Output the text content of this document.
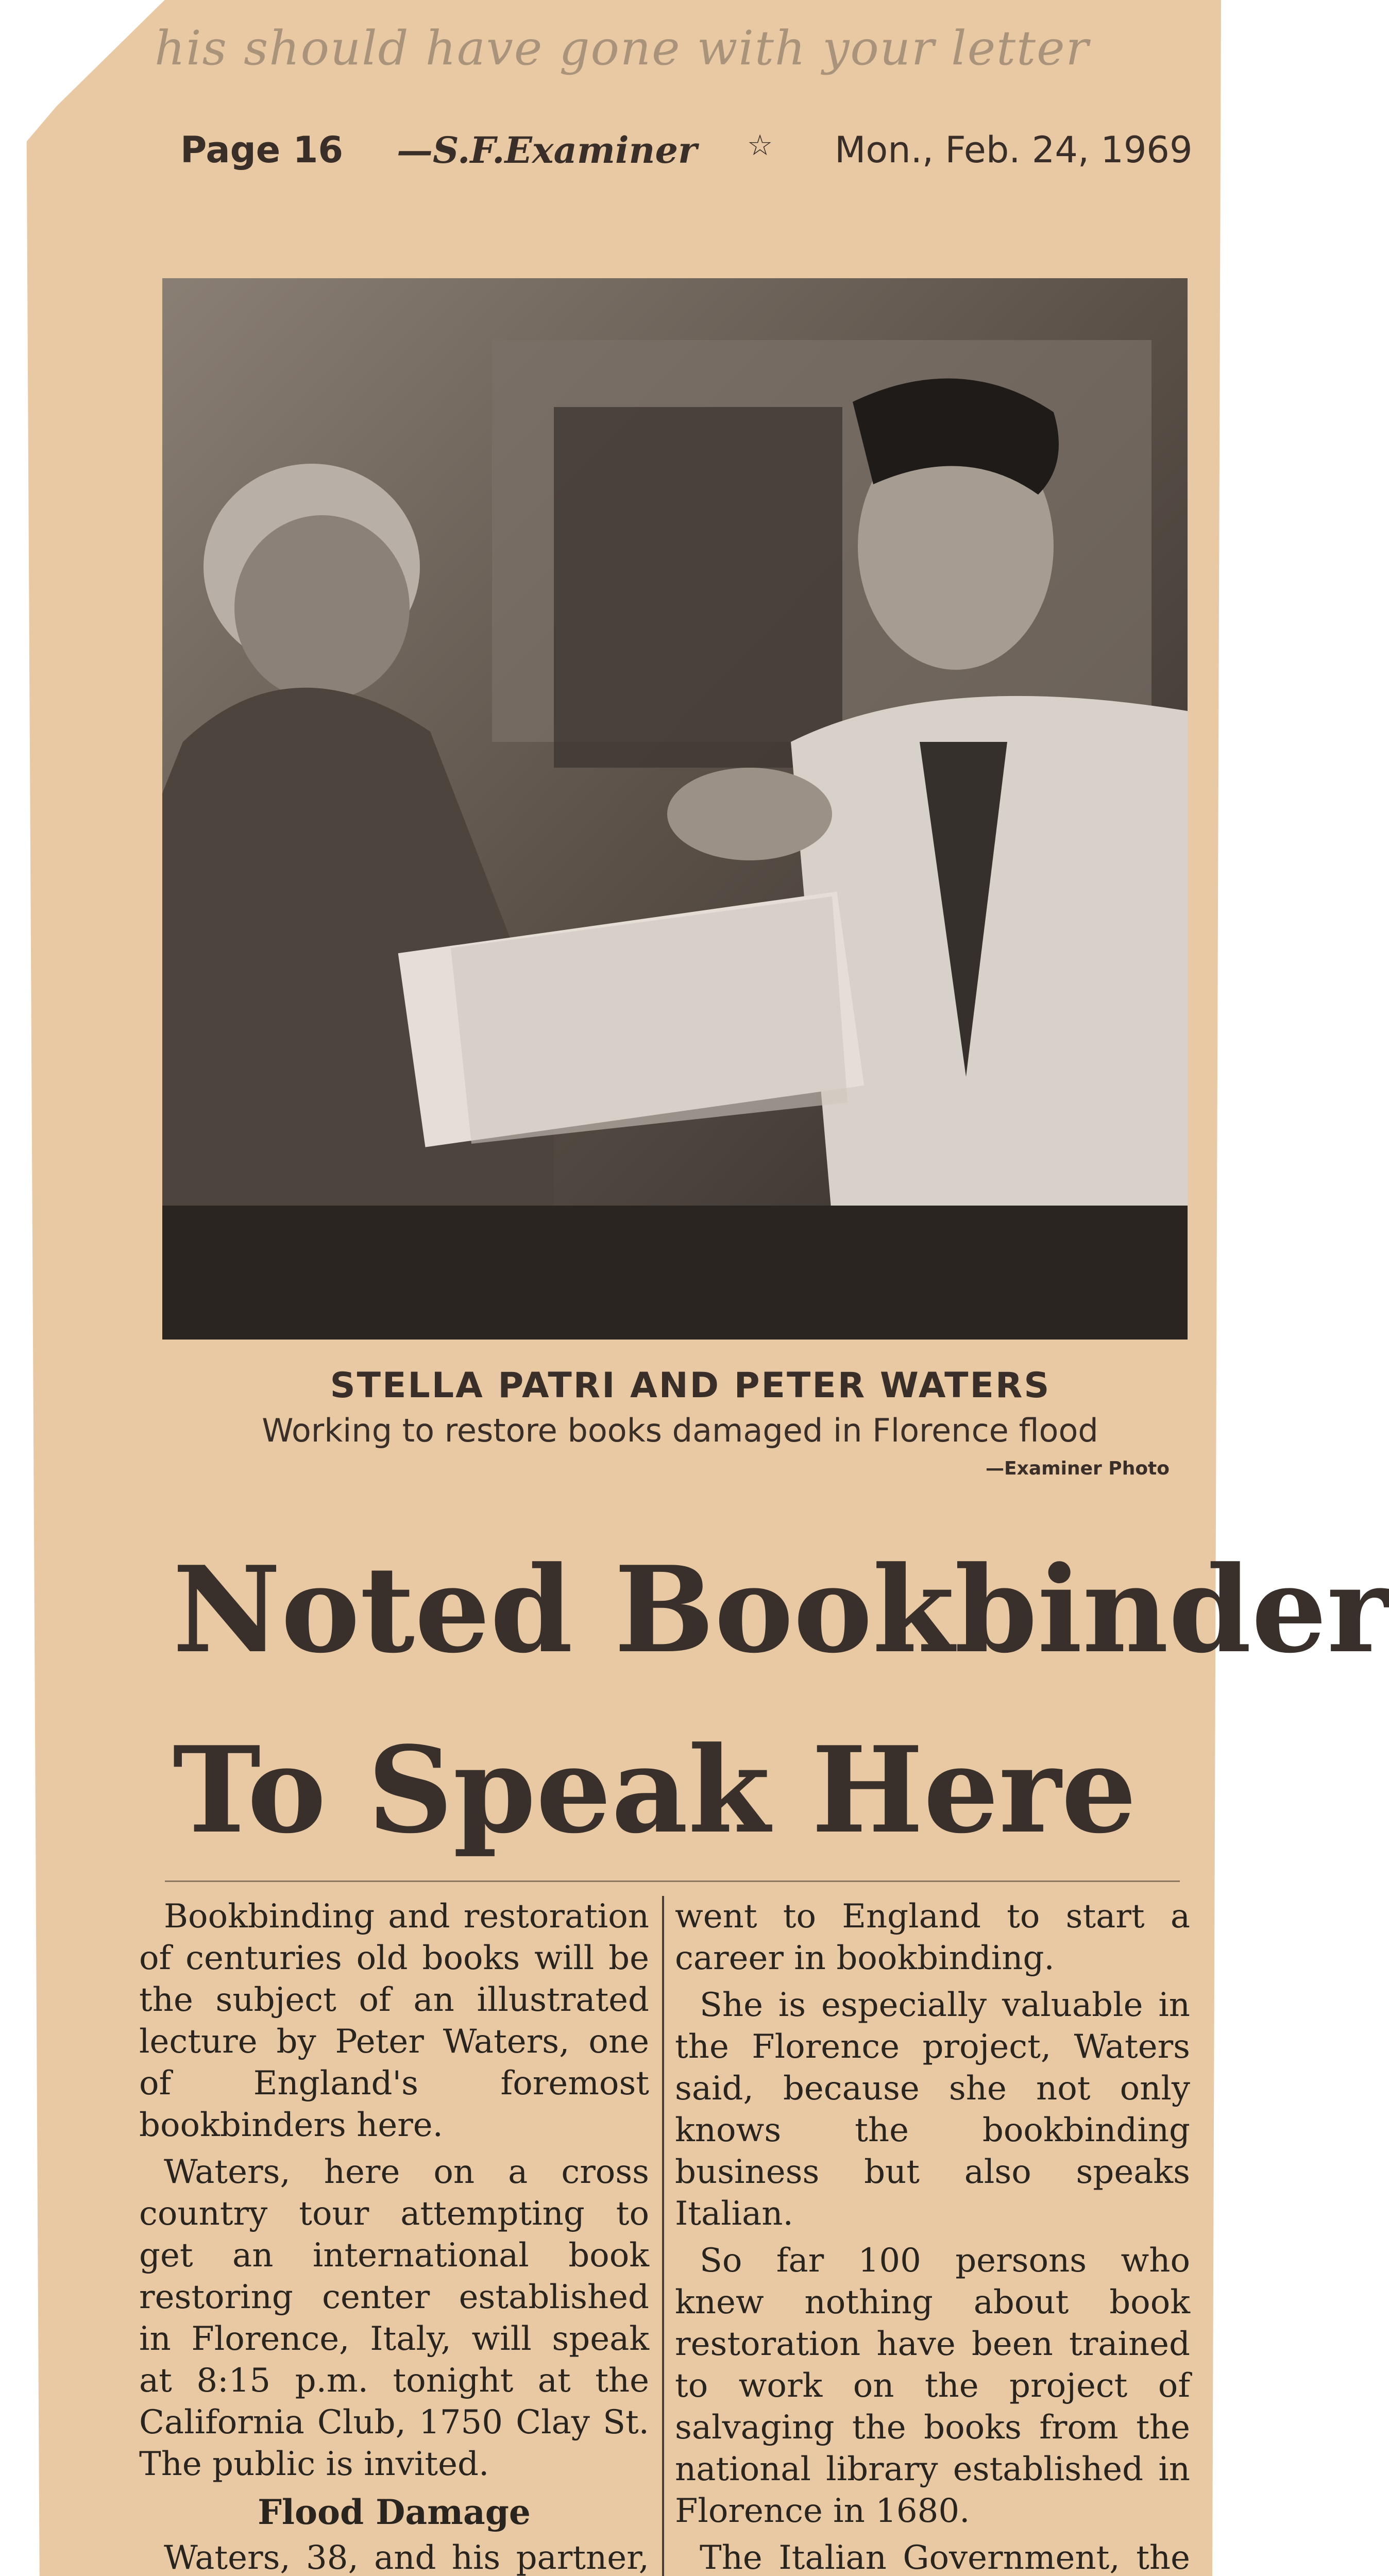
his should have gone with your letter
Page 16 —S.F.Examiner ☆ Mon., Feb. 24, 1969
STELLA PATRI AND PETER WATERS
Working to restore books damaged in Florence flood
—Examiner Photo
Noted Bookbinder
To Speak Here

Bookbinding and restoration of centuries old books will be the subject of an illustrated lecture by Peter Waters, one of England's foremost bookbinders here.

Waters, here on a cross country tour attempting to get an international book restoring center established in Florence, Italy, will speak at 8:15 p.m. tonight at the California Club, 1750 Clay St. The public is invited.

Flood Damage

Waters, 38, and his partner,

went to England to start a career in bookbinding.

She is especially valuable in the Florence project, Waters said, because she not only knows the bookbinding business but also speaks Italian.

So far 100 persons who knew nothing about book restoration have been trained to work on the project of salvaging the books from the national library established in Florence in 1680.

The Italian Government, the
